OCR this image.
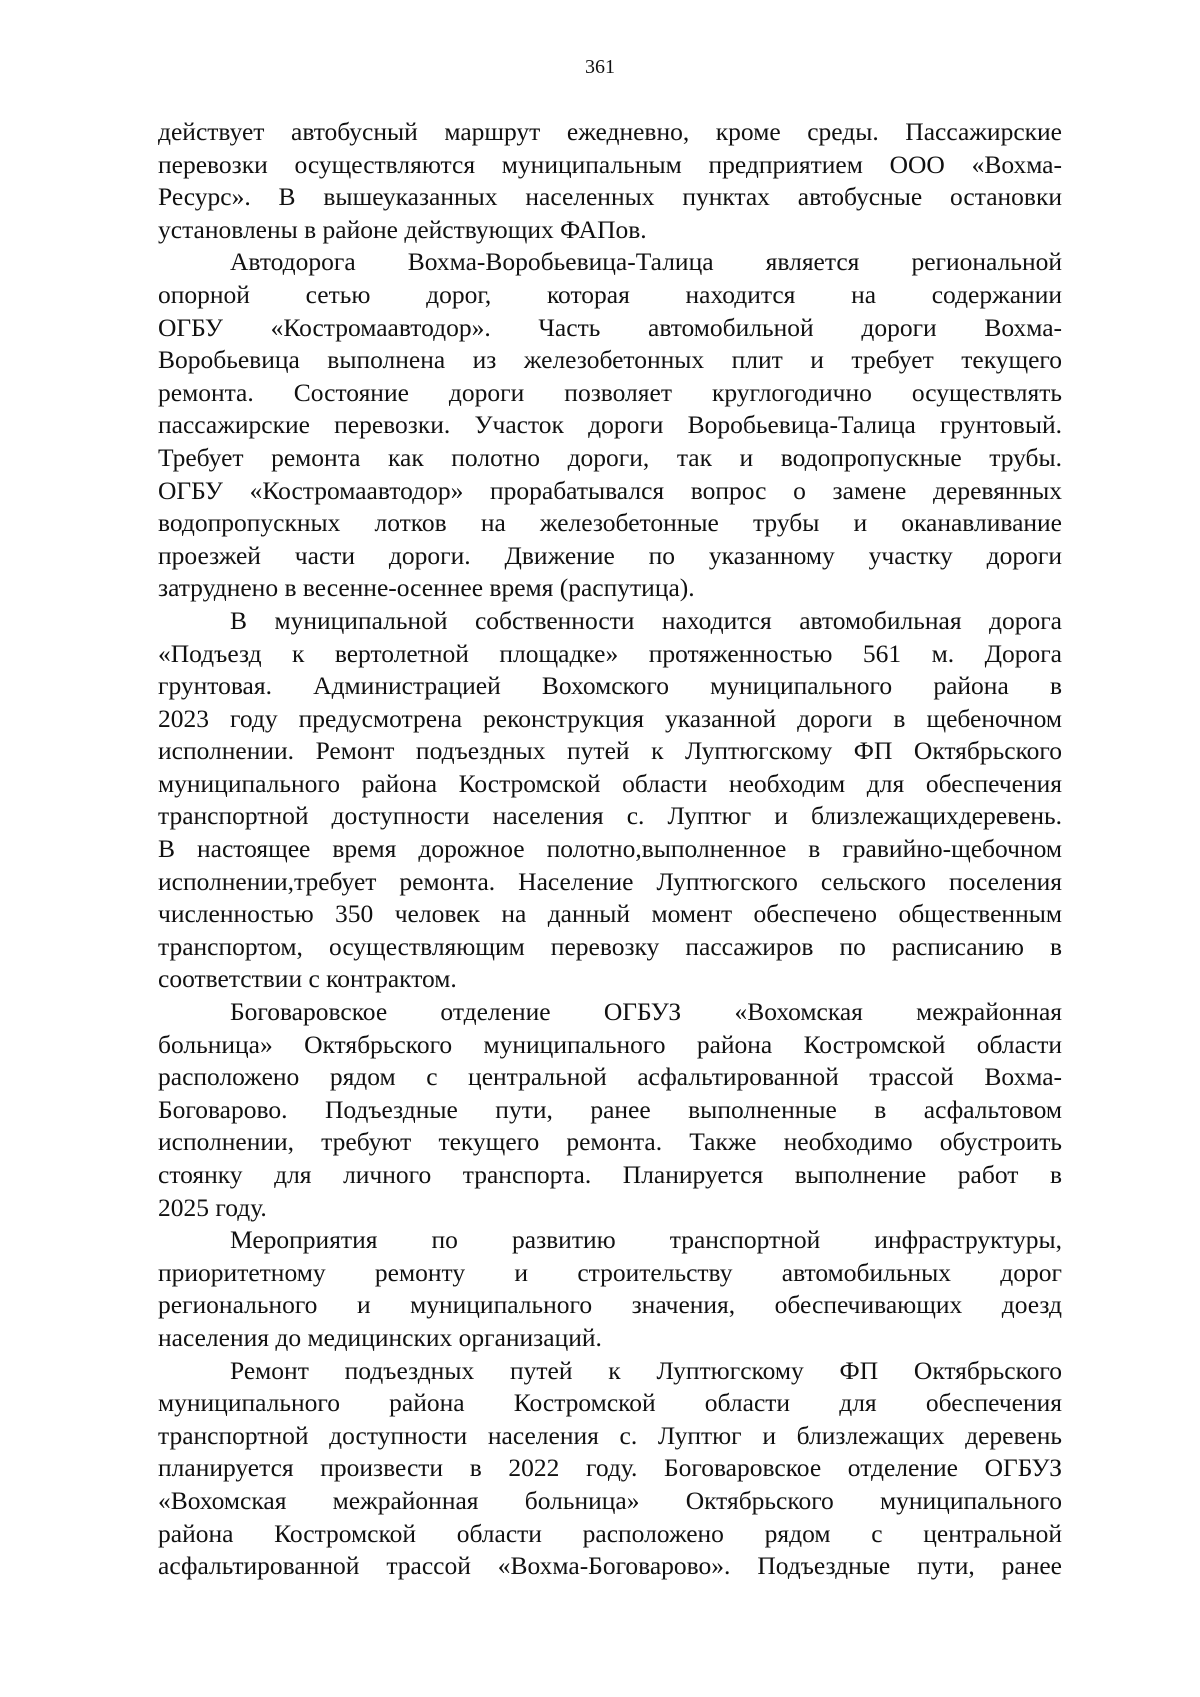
361
действует автобусный маршрут ежедневно, кроме среды. Пассажирские
перевозки осуществляются муниципальным предприятием ООО «Вохма-
Ресурс». В вышеуказанных населенных пунктах автобусные остановки
установлены в районе действующих ФАПов.
Автодорога Вохма-Воробьевица-Талица является региональной
опорной сетью дорог, которая находится на содержании
ОГБУ «Костромаавтодор». Часть автомобильной дороги Вохма-
Воробьевица выполнена из железобетонных плит и требует текущего
ремонта. Состояние дороги позволяет круглогодично осуществлять
пассажирские перевозки. Участок дороги Воробьевица-Талица грунтовый.
Требует ремонта как полотно дороги, так и водопропускные трубы.
ОГБУ «Костромаавтодор» прорабатывался вопрос о замене деревянных
водопропускных лотков на железобетонные трубы и оканавливание
проезжей части дороги. Движение по указанному участку дороги
затруднено в весенне-осеннее время (распутица).
В муниципальной собственности находится автомобильная дорога
«Подъезд к вертолетной площадке» протяженностью 561 м. Дорога
грунтовая. Администрацией Вохомского муниципального района в
2023 году предусмотрена реконструкция указанной дороги в щебеночном
исполнении. Ремонт подъездных путей к Луптюгскому ФП Октябрьского
муниципального района Костромской области необходим для обеспечения
транспортной доступности населения с. Луптюг и близлежащихдеревень.
В настоящее время дорожное полотно,выполненное в гравийно-щебочном
исполнении,требует ремонта. Население Луптюгского сельского поселения
численностью 350 человек на данный момент обеспечено общественным
транспортом, осуществляющим перевозку пассажиров по расписанию в
соответствии с контрактом.
Боговаровское отделение ОГБУЗ «Вохомская межрайонная
больница» Октябрьского муниципального района Костромской области
расположено рядом с центральной асфальтированной трассой Вохма-
Боговарово. Подъездные пути, ранее выполненные в асфальтовом
исполнении, требуют текущего ремонта. Также необходимо обустроить
стоянку для личного транспорта. Планируется выполнение работ в
2025 году.
Мероприятия по развитию транспортной инфраструктуры,
приоритетному ремонту и строительству автомобильных дорог
регионального и муниципального значения, обеспечивающих доезд
населения до медицинских организаций.
Ремонт подъездных путей к Луптюгскому ФП Октябрьского
муниципального района Костромской области для обеспечения
транспортной доступности населения с. Луптюг и близлежащих деревень
планируется произвести в 2022 году. Боговаровское отделение ОГБУЗ
«Вохомская межрайонная больница» Октябрьского муниципального
района Костромской области расположено рядом с центральной
асфальтированной трассой «Вохма-Боговарово». Подъездные пути, ранее
